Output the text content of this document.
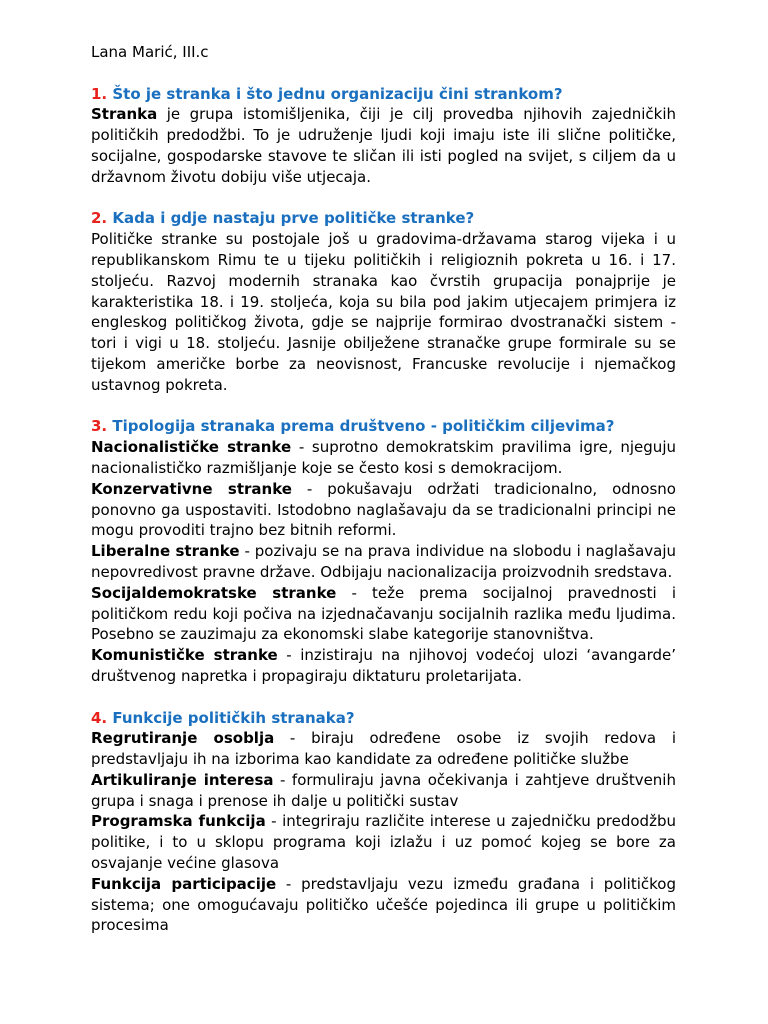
Lana Marić, III.c

1. Što je stranka i što jednu organizaciju čini strankom?

Stranka je grupa istomišljenika, čiji je cilj provedba njihovih zajedničkih političkih predodžbi. To je udruženje ljudi koji imaju iste ili slične političke, socijalne, gospodarske stavove te sličan ili isti pogled na svijet, s ciljem da u državnom životu dobiju više utjecaja.

2. Kada i gdje nastaju prve političke stranke?

Političke stranke su postojale još u gradovima-državama starog vijeka i u republikanskom Rimu te u tijeku političkih i religioznih pokreta u 16. i 17. stoljeću. Razvoj modernih stranaka kao čvrstih grupacija ponajprije je karakteristika 18. i 19. stoljeća, koja su bila pod jakim utjecajem primjera iz engleskog političkog života, gdje se najprije formirao dvostranački sistem - tori i vigi u 18. stoljeću. Jasnije obilježene stranačke grupe formirale su se tijekom američke borbe za neovisnost, Francuske revolucije i njemačkog ustavnog pokreta.

3. Tipologija stranaka prema društveno - političkim ciljevima?

Nacionalističke stranke - suprotno demokratskim pravilima igre, njeguju nacionalističko razmišljanje koje se često kosi s demokracijom.

Konzervativne stranke - pokušavaju održati tradicionalno, odnosno ponovno ga uspostaviti. Istodobno naglašavaju da se tradicionalni principi ne mogu provoditi trajno bez bitnih reformi.

Liberalne stranke - pozivaju se na prava individue na slobodu i naglašavaju nepovredivost pravne države. Odbijaju nacionalizacija proizvodnih sredstava.

Socijaldemokratske stranke - teže prema socijalnoj pravednosti i političkom redu koji počiva na izjednačavanju socijalnih razlika među ljudima. Posebno se zauzimaju za ekonomski slabe kategorije stanovništva.

Komunističke stranke - inzistiraju na njihovoj vodećoj ulozi ‘avangarde’ društvenog napretka i propagiraju diktaturu proletarijata.

4. Funkcije političkih stranaka?

Regrutiranje osoblja - biraju određene osobe iz svojih redova i predstavljaju ih na izborima kao kandidate za određene političke službe

Artikuliranje interesa - formuliraju javna očekivanja i zahtjeve društvenih grupa i snaga i prenose ih dalje u politički sustav

Programska funkcija - integriraju različite interese u zajedničku predodžbu politike, i to u sklopu programa koji izlažu i uz pomoć kojeg se bore za osvajanje većine glasova

Funkcija participacije - predstavljaju vezu između građana i političkog sistema; one omogućavaju političko učešće pojedinca ili grupe u političkim procesima
